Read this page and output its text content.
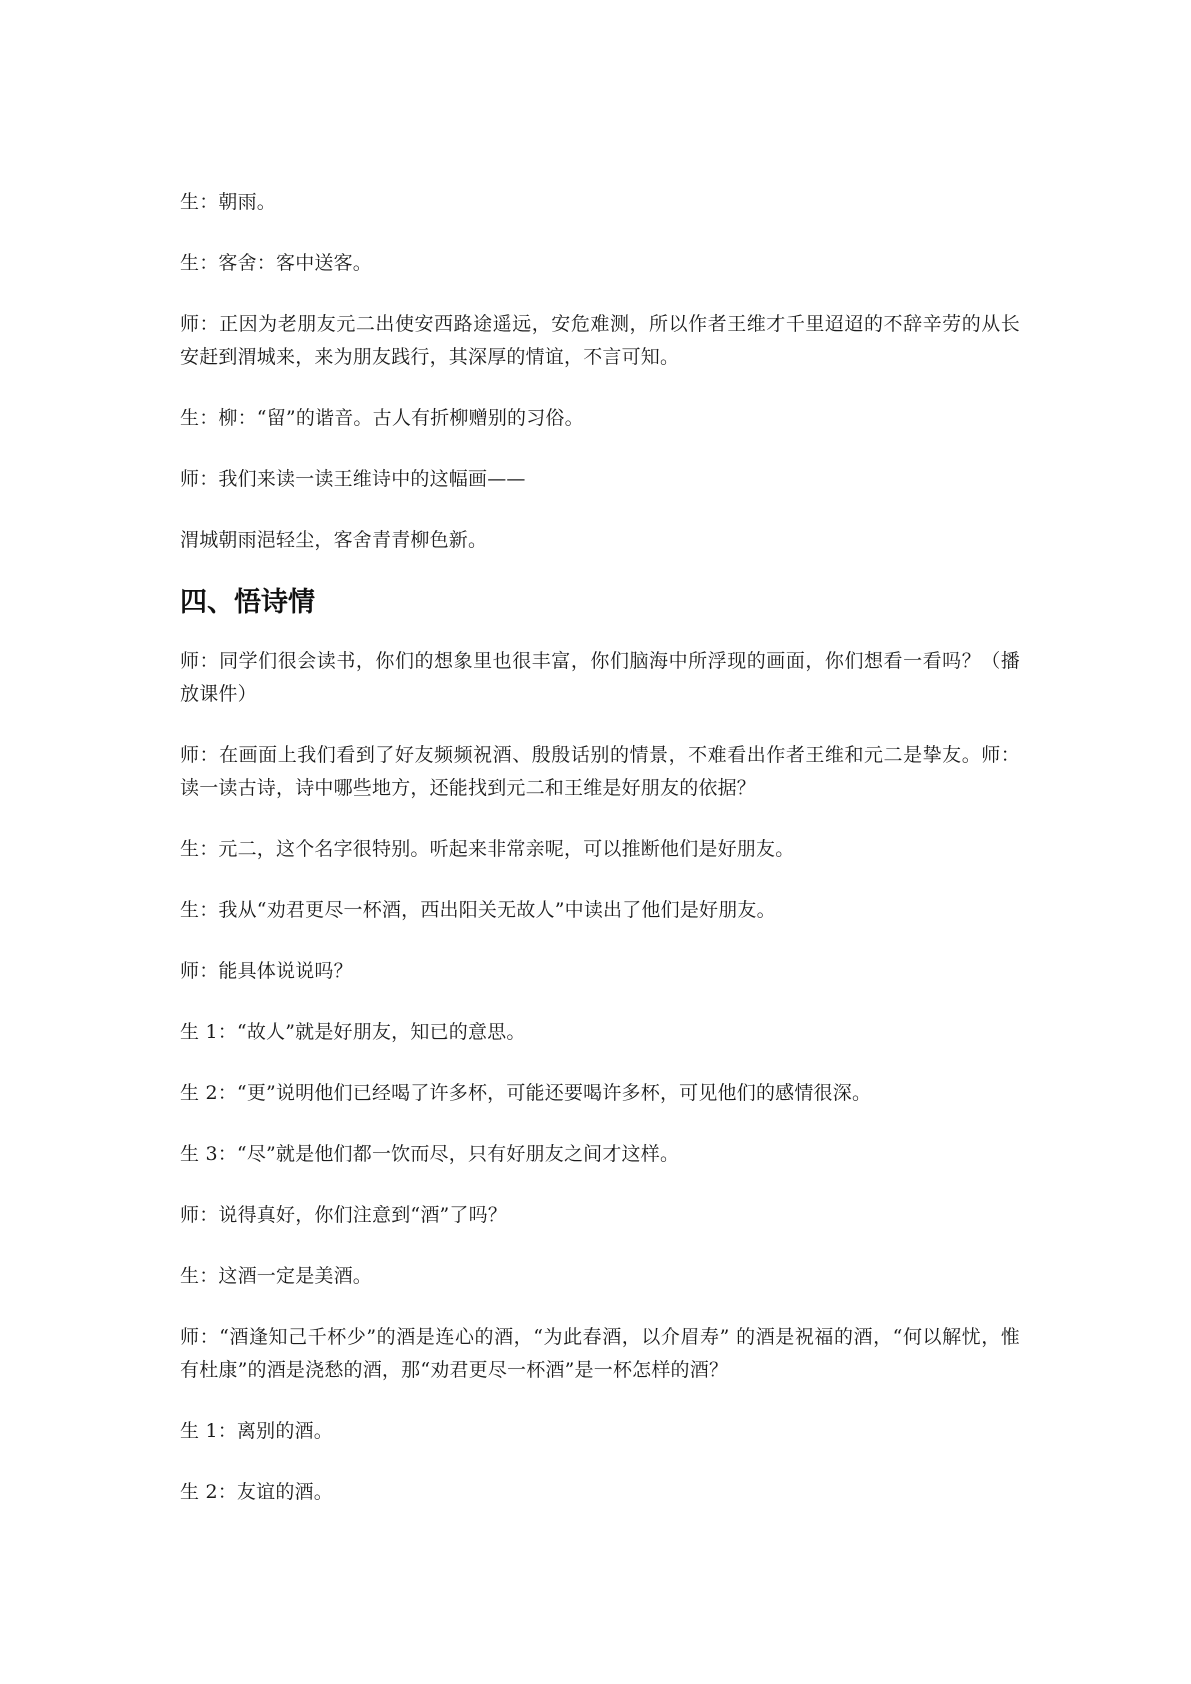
生：朝雨。

生：客舍：客中送客。

师：正因为老朋友元二出使安西路途遥远，安危难测，所以作者王维才千里迢迢的不辞辛劳的从长安赶到渭城来，来为朋友践行，其深厚的情谊，不言可知。

生：柳：“留”的谐音。古人有折柳赠别的习俗。

师：我们来读一读王维诗中的这幅画——

渭城朝雨浥轻尘，客舍青青柳色新。

四、悟诗情

师：同学们很会读书，你们的想象里也很丰富，你们脑海中所浮现的画面，你们想看一看吗？（播放课件）

师：在画面上我们看到了好友频频祝酒、殷殷话别的情景，不难看出作者王维和元二是挚友。师：读一读古诗，诗中哪些地方，还能找到元二和王维是好朋友的依据？

生：元二，这个名字很特别。听起来非常亲呢，可以推断他们是好朋友。

生：我从“劝君更尽一杯酒，西出阳关无故人”中读出了他们是好朋友。

师：能具体说说吗？

生 1：“故人”就是好朋友，知已的意思。

生 2：“更”说明他们已经喝了许多杯，可能还要喝许多杯，可见他们的感情很深。

生 3：“尽”就是他们都一饮而尽，只有好朋友之间才这样。

师：说得真好，你们注意到“酒”了吗？

生：这酒一定是美酒。

师：“酒逢知己千杯少”的酒是连心的酒，“为此春酒，以介眉寿” 的酒是祝福的酒，“何以解忧，惟有杜康”的酒是浇愁的酒，那“劝君更尽一杯酒”是一杯怎样的酒？

生 1：离别的酒。

生 2：友谊的酒。
